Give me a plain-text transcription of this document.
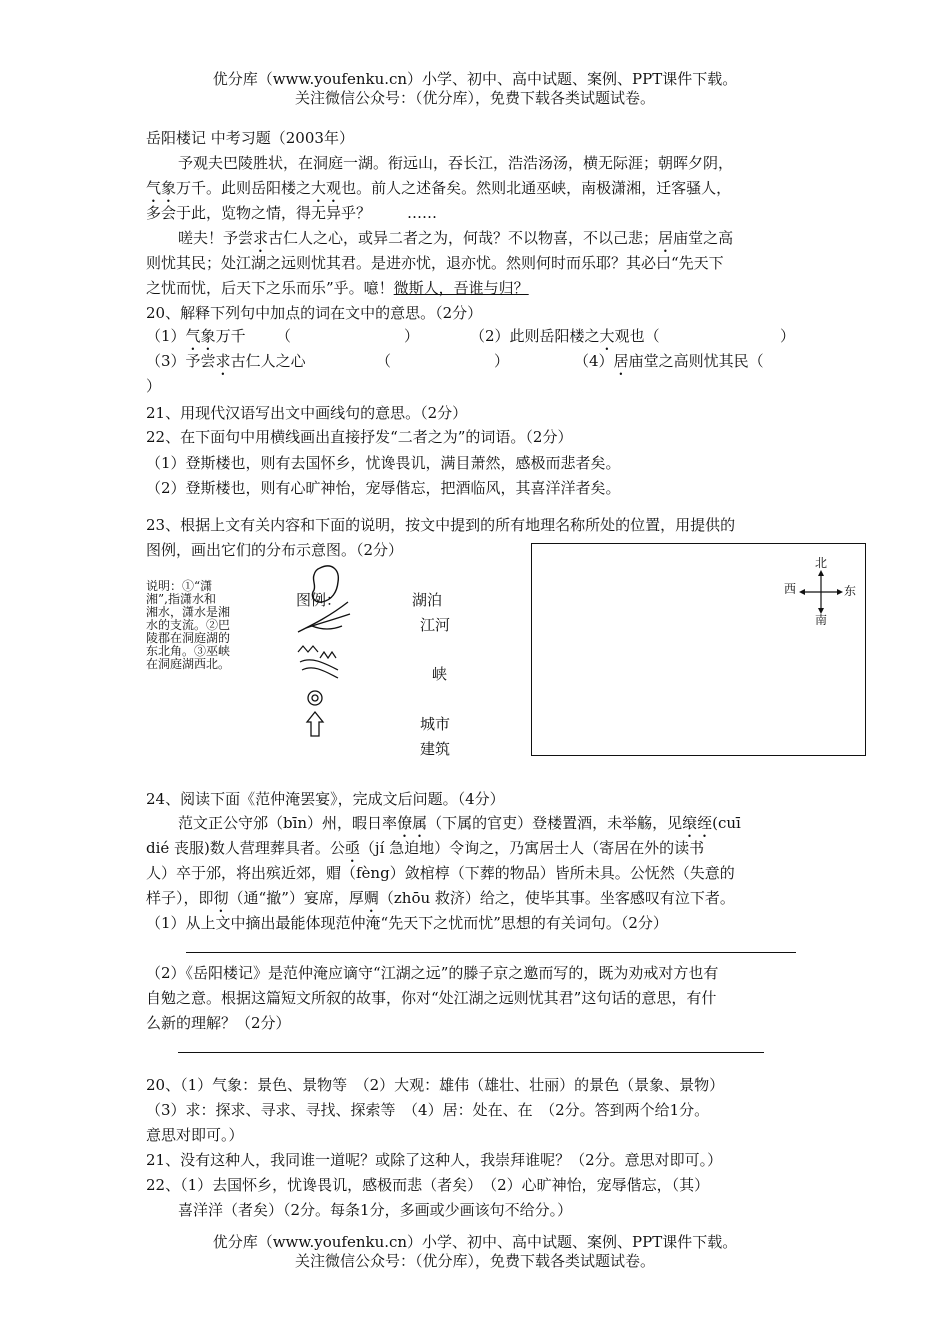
优分库（www.youfenku.cn）小学、初中、高中试题、案例、PPT课件下载。
关注微信公众号：（优分库），免费下载各类试题试卷。
岳阳楼记 中考习题（2003年）
予观夫巴陵胜状，在洞庭一湖。衔远山，吞长江，浩浩汤汤，横无际涯；朝晖夕阴，
气象万千。此则岳阳楼之大观也。前人之述备矣。然则北通巫峡，南极潇湘，迁客骚人，
多会于此，览物之情，得无异乎？ ……
嗟夫！予尝求古仁人之心，或异二者之为，何哉？不以物喜，不以己悲；居庙堂之高
则忧其民；处江湖之远则忧其君。是进亦忧，退亦忧。然则何时而乐耶？其必曰“先天下
之忧而忧，后天下之乐而乐”乎。噫！微斯人，吾谁与归？
20、解释下列句中加点的词在文中的意思。（2分）
（1）气象万千 （	）	（2）此则岳阳楼之大观也（	）
（3）予尝求古仁人之心	（	）	（4）居庙堂之高则忧其民（
）
21、用现代汉语写出文中画线句的意思。（2分）
22、在下面句中用横线画出直接抒发“二者之为”的词语。（2分）
（1）登斯楼也，则有去国怀乡，忧谗畏讥，满目萧然，感极而悲者矣。
（2）登斯楼也，则有心旷神怡，宠辱偕忘，把酒临风，其喜洋洋者矣。
23、根据上文有关内容和下面的说明，按文中提到的所有地理名称所处的位置，用提供的
图例，画出它们的分布示意图。（2分）
说明：①“潇
湘”,指潇水和
湘水，潇水是湘
水的支流。②巴
陵郡在洞庭湖的
东北角。③巫峡
在洞庭湖西北。
图例：	湖泊
江河
峡
城市
建筑
北
南
西	东
24、阅读下面《范仲淹罢宴》，完成文后问题。（4分）
范文正公守邠（bīn）州，暇日率僚属（下属的官吏）登楼置酒，未举觞，见缞绖(cuī
dié 丧服)数人营理葬具者。公亟（jí 急迫地）令询之，乃寓居士人（寄居在外的读书
人）卒于邠，将出殡近郊，赗（fèng）敛棺椁（下葬的物品）皆所未具。公怃然（失意的
样子），即彻（通“撤”）宴席，厚赒（zhōu 救济）给之，使毕其事。坐客感叹有泣下者。
（1）从上文中摘出最能体现范仲淹“先天下之忧而忧”思想的有关词句。（2分）
（2）《岳阳楼记》是范仲淹应谪守“江湖之远”的滕子京之邀而写的，既为劝戒对方也有
自勉之意。根据这篇短文所叙的故事，你对“处江湖之远则忧其君”这句话的意思，有什
么新的理解？（2分）
20、（1）气象：景色、景物等　（2）大观：雄伟（雄壮、壮丽）的景色（景象、景物）
（3）求：探求、寻求、寻找、探索等　（4）居：处在、在　（2分。答到两个给1分。
意思对即可。）
21、没有这种人，我同谁一道呢？或除了这种人，我崇拜谁呢？（2分。意思对即可。）
22、（1）去国怀乡，忧谗畏讥，感极而悲（者矣）　（2）心旷神怡，宠辱偕忘，（其）
喜洋洋（者矣）（2分。每条1分，多画或少画该句不给分。）
优分库（www.youfenku.cn）小学、初中、高中试题、案例、PPT课件下载。
关注微信公众号：（优分库），免费下载各类试题试卷。
